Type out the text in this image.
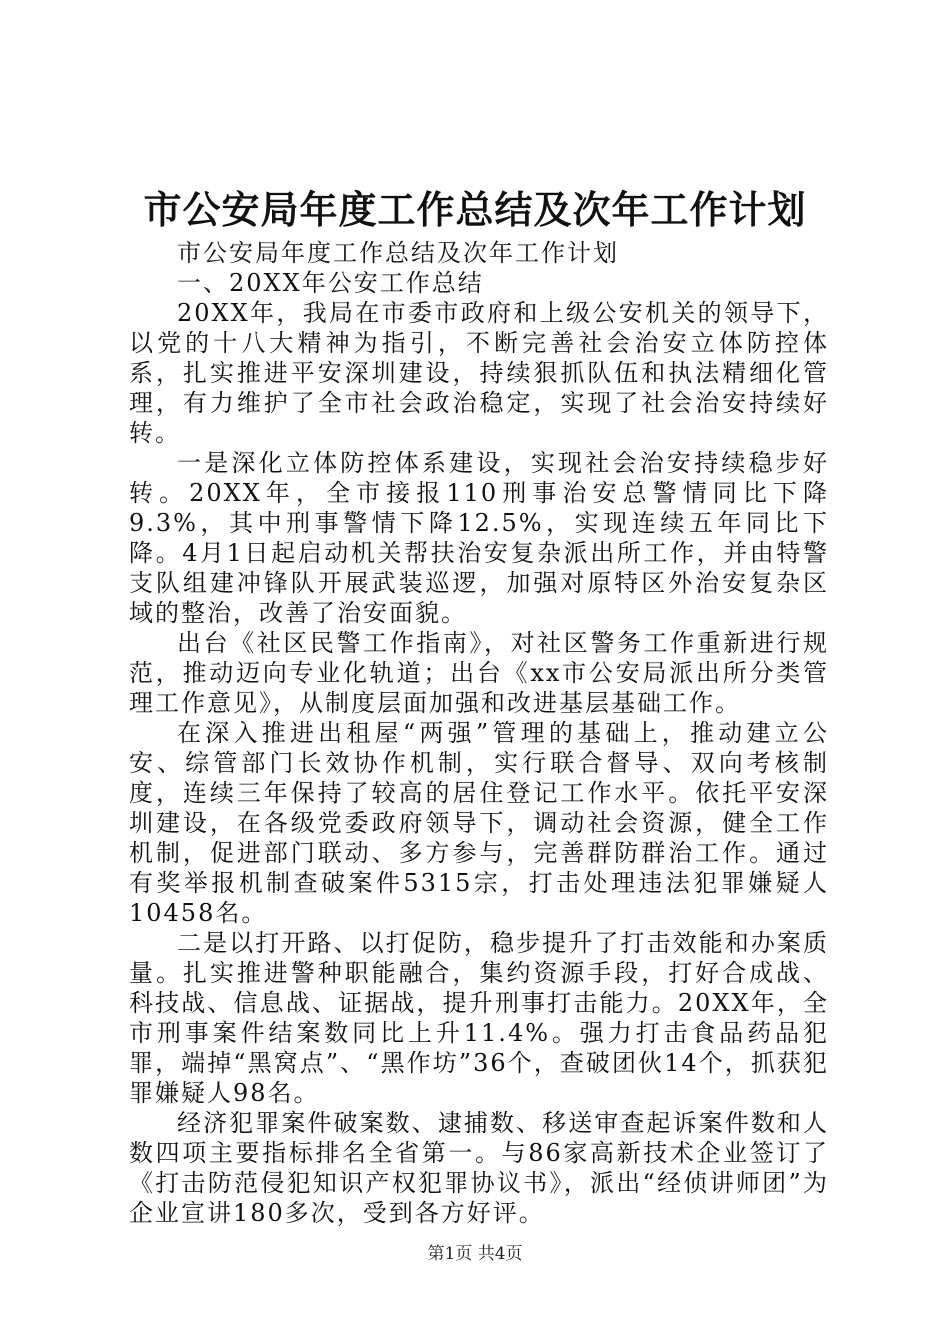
市公安局年度工作总结及次年工作计划

市公安局年度工作总结及次年工作计划

一、20XX年公安工作总结

20XX年，我局在市委市政府和上级公安机关的领导下，以党的十八大精神为指引，不断完善社会治安立体防控体系，扎实推进平安深圳建设，持续狠抓队伍和执法精细化管理，有力维护了全市社会政治稳定，实现了社会治安持续好转。

一是深化立体防控体系建设，实现社会治安持续稳步好转。20XX年，全市接报110刑事治安总警情同比下降9.3%，其中刑事警情下降12.5%，实现连续五年同比下降。4月1日起启动机关帮扶治安复杂派出所工作，并由特警支队组建冲锋队开展武装巡逻，加强对原特区外治安复杂区域的整治，改善了治安面貌。

出台《社区民警工作指南》，对社区警务工作重新进行规范，推动迈向专业化轨道；出台《xx市公安局派出所分类管理工作意见》，从制度层面加强和改进基层基础工作。

在深入推进出租屋“两强”管理的基础上，推动建立公安、综管部门长效协作机制，实行联合督导、双向考核制度，连续三年保持了较高的居住登记工作水平。依托平安深圳建设，在各级党委政府领导下，调动社会资源，健全工作机制，促进部门联动、多方参与，完善群防群治工作。通过有奖举报机制查破案件5315宗，打击处理违法犯罪嫌疑人10458名。

二是以打开路、以打促防，稳步提升了打击效能和办案质量。扎实推进警种职能融合，集约资源手段，打好合成战、科技战、信息战、证据战，提升刑事打击能力。20XX年，全市刑事案件结案数同比上升11.4%。强力打击食品药品犯罪，端掉“黑窝点”、“黑作坊”36个，查破团伙14个，抓获犯罪嫌疑人98名。

经济犯罪案件破案数、逮捕数、移送审查起诉案件数和人数四项主要指标排名全省第一。与86家高新技术企业签订了《打击防范侵犯知识产权犯罪协议书》，派出“经侦讲师团”为企业宣讲180多次，受到各方好评。

第1页 共4页
